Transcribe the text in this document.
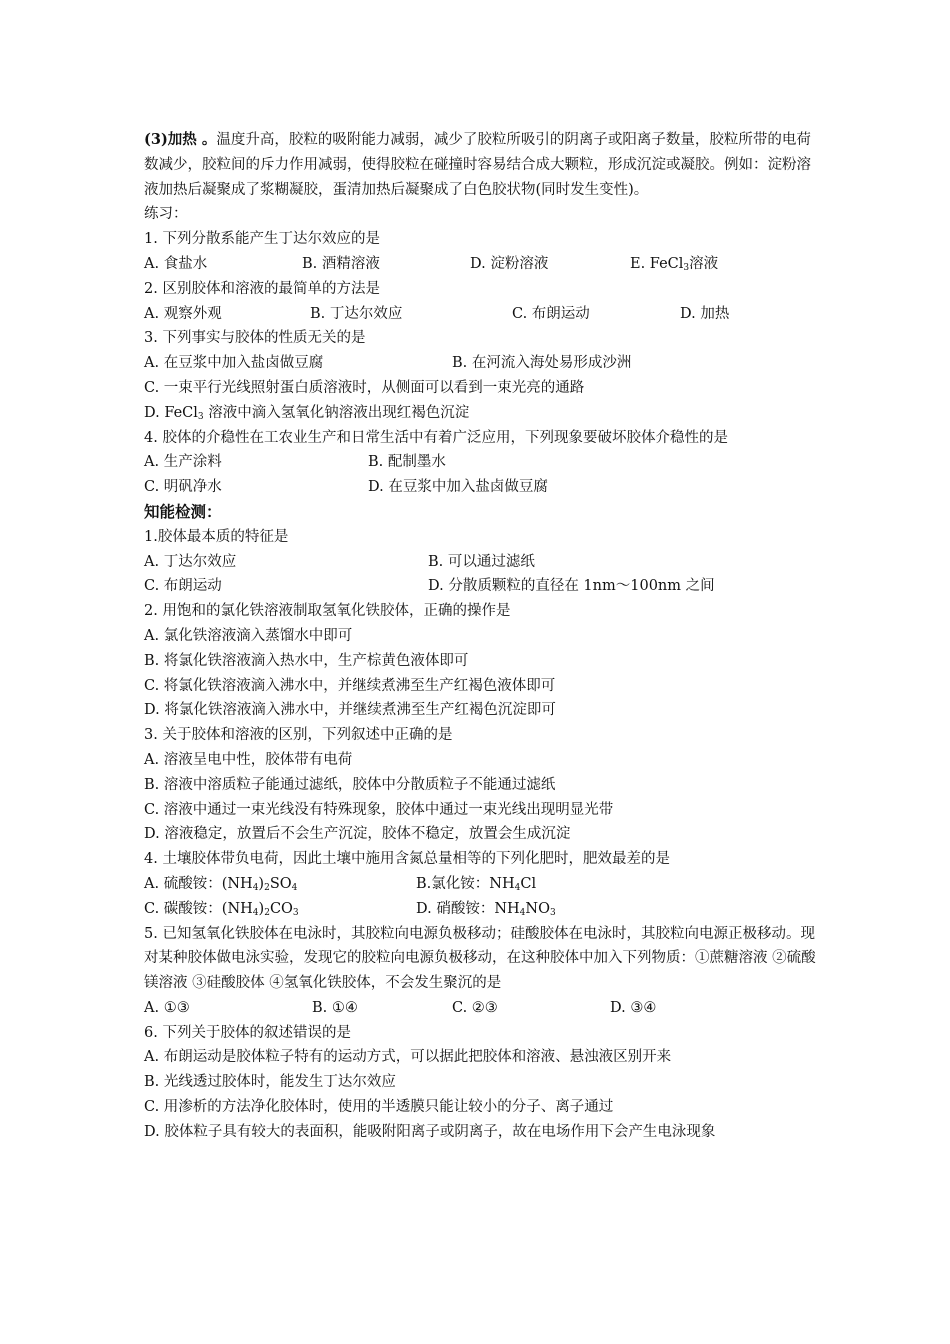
(3)加热 。温度升高，胶粒的吸附能力减弱，减少了胶粒所吸引的阴离子或阳离子数量，胶粒所带的电荷数减少，胶粒间的斥力作用减弱，使得胶粒在碰撞时容易结合成大颗粒，形成沉淀或凝胶。例如：淀粉溶液加热后凝聚成了浆糊凝胶，蛋清加热后凝聚成了白色胶状物(同时发生变性)。
练习：
1. 下列分散系能产生丁达尔效应的是
A. 食盐水	B. 酒精溶液	D. 淀粉溶液	E. FeCl$_3$溶液
2. 区别胶体和溶液的最简单的方法是
A. 观察外观	B. 丁达尔效应	C. 布朗运动	D. 加热
3. 下列事实与胶体的性质无关的是
A. 在豆浆中加入盐卤做豆腐	B. 在河流入海处易形成沙洲
C. 一束平行光线照射蛋白质溶液时，从侧面可以看到一束光亮的通路
D. FeCl$_3$ 溶液中滴入氢氧化钠溶液出现红褐色沉淀
4. 胶体的介稳性在工农业生产和日常生活中有着广泛应用，下列现象要破坏胶体介稳性的是
A. 生产涂料	B. 配制墨水
C. 明矾净水	D. 在豆浆中加入盐卤做豆腐
知能检测：
1.胶体最本质的特征是
A. 丁达尔效应	B. 可以通过滤纸
C. 布朗运动	D. 分散质颗粒的直径在 1nm～100nm 之间
2. 用饱和的氯化铁溶液制取氢氧化铁胶体，正确的操作是
A. 氯化铁溶液滴入蒸馏水中即可
B. 将氯化铁溶液滴入热水中，生产棕黄色液体即可
C. 将氯化铁溶液滴入沸水中，并继续煮沸至生产红褐色液体即可
D. 将氯化铁溶液滴入沸水中，并继续煮沸至生产红褐色沉淀即可
3. 关于胶体和溶液的区别，下列叙述中正确的是
A. 溶液呈电中性，胶体带有电荷
B. 溶液中溶质粒子能通过滤纸，胶体中分散质粒子不能通过滤纸
C. 溶液中通过一束光线没有特殊现象，胶体中通过一束光线出现明显光带
D. 溶液稳定，放置后不会生产沉淀，胶体不稳定，放置会生成沉淀
4. 土壤胶体带负电荷，因此土壤中施用含氮总量相等的下列化肥时，肥效最差的是
A. 硫酸铵：$(NH_4)_2SO_4$	B.氯化铵：$NH_4Cl$
C. 碳酸铵：$(NH_4)_2CO_3$	D. 硝酸铵：$NH_4NO_3$
5. 已知氢氧化铁胶体在电泳时，其胶粒向电源负极移动；硅酸胶体在电泳时，其胶粒向电源正极移动。现对某种胶体做电泳实验，发现它的胶粒向电源负极移动，在这种胶体中加入下列物质：①蔗糖溶液 ②硫酸镁溶液 ③硅酸胶体 ④氢氧化铁胶体，不会发生聚沉的是
A. ①③	B. ①④	C. ②③	D. ③④
6. 下列关于胶体的叙述错误的是
A. 布朗运动是胶体粒子特有的运动方式，可以据此把胶体和溶液、悬浊液区别开来
B. 光线透过胶体时，能发生丁达尔效应
C. 用渗析的方法净化胶体时，使用的半透膜只能让较小的分子、离子通过
D. 胶体粒子具有较大的表面积，能吸附阳离子或阴离子，故在电场作用下会产生电泳现象
